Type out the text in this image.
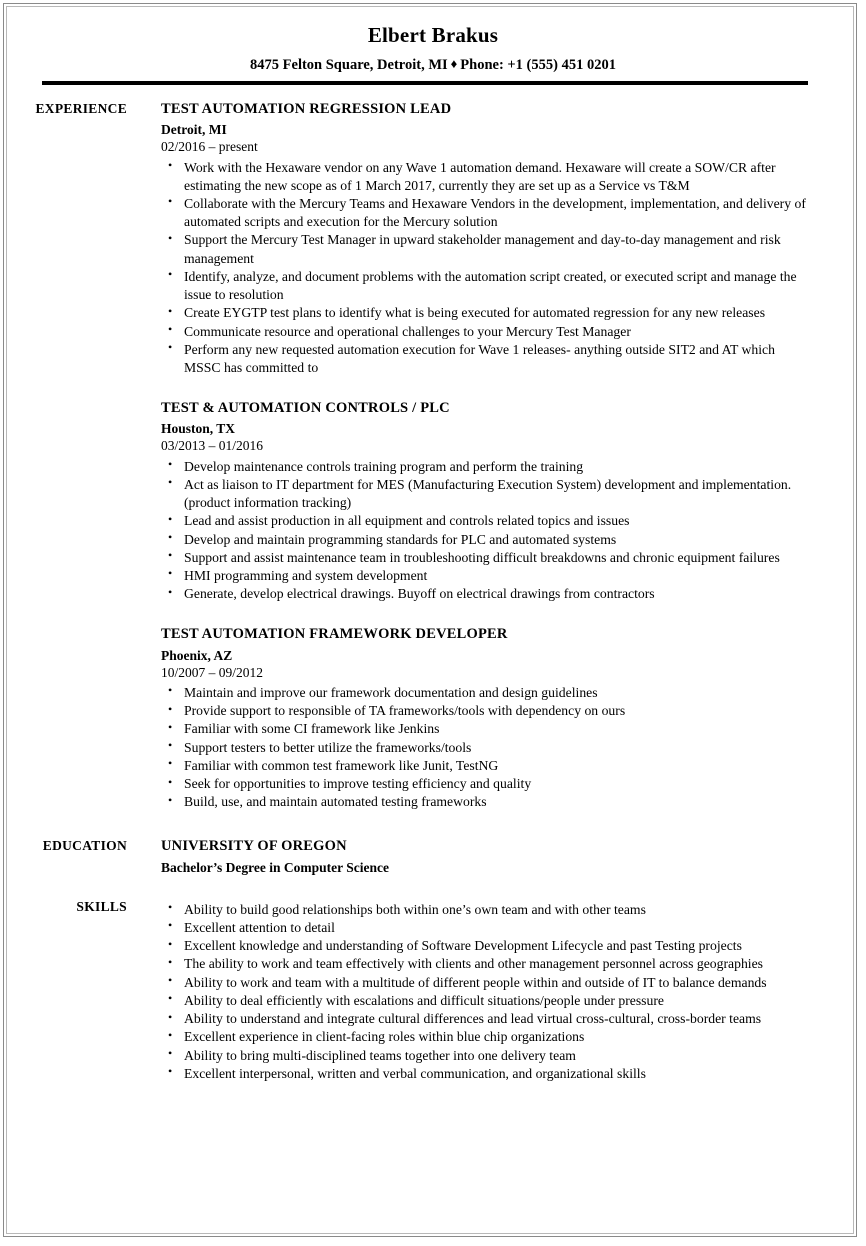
Elbert Brakus
8475 Felton Square, Detroit, MI ♦ Phone: +1 (555) 451 0201
EXPERIENCE TEST AUTOMATION REGRESSION LEAD
Detroit, MI
02/2016 – present
• Work with the Hexaware vendor on any Wave 1 automation demand. Hexaware will create a SOW/CR after estimating the new scope as of 1 March 2017, currently they are set up as a Service vs T&M
• Collaborate with the Mercury Teams and Hexaware Vendors in the development, implementation, and delivery of automated scripts and execution for the Mercury solution
• Support the Mercury Test Manager in upward stakeholder management and day-to-day management and risk management
• Identify, analyze, and document problems with the automation script created, or executed script and manage the issue to resolution
• Create EYGTP test plans to identify what is being executed for automated regression for any new releases
• Communicate resource and operational challenges to your Mercury Test Manager
• Perform any new requested automation execution for Wave 1 releases- anything outside SIT2 and AT which MSSC has committed to
TEST & AUTOMATION CONTROLS / PLC
Houston, TX
03/2013 – 01/2016
• Develop maintenance controls training program and perform the training
• Act as liaison to IT department for MES (Manufacturing Execution System) development and implementation. (product information tracking)
• Lead and assist production in all equipment and controls related topics and issues
• Develop and maintain programming standards for PLC and automated systems
• Support and assist maintenance team in troubleshooting difficult breakdowns and chronic equipment failures
• HMI programming and system development
• Generate, develop electrical drawings. Buyoff on electrical drawings from contractors
TEST AUTOMATION FRAMEWORK DEVELOPER
Phoenix, AZ
10/2007 – 09/2012
• Maintain and improve our framework documentation and design guidelines
• Provide support to responsible of TA frameworks/tools with dependency on ours
• Familiar with some CI framework like Jenkins
• Support testers to better utilize the frameworks/tools
• Familiar with common test framework like Junit, TestNG
• Seek for opportunities to improve testing efficiency and quality
• Build, use, and maintain automated testing frameworks
EDUCATION UNIVERSITY OF OREGON
Bachelor’s Degree in Computer Science
SKILLS	• Ability to build good relationships both within one’s own team and with other teams
• Excellent attention to detail
• Excellent knowledge and understanding of Software Development Lifecycle and past Testing projects
• The ability to work and team effectively with clients and other management personnel across geographies
• Ability to work and team with a multitude of different people within and outside of IT to balance demands
• Ability to deal efficiently with escalations and difficult situations/people under pressure
• Ability to understand and integrate cultural differences and lead virtual cross-cultural, cross-border teams
• Excellent experience in client-facing roles within blue chip organizations
• Ability to bring multi-disciplined teams together into one delivery team
• Excellent interpersonal, written and verbal communication, and organizational skills
